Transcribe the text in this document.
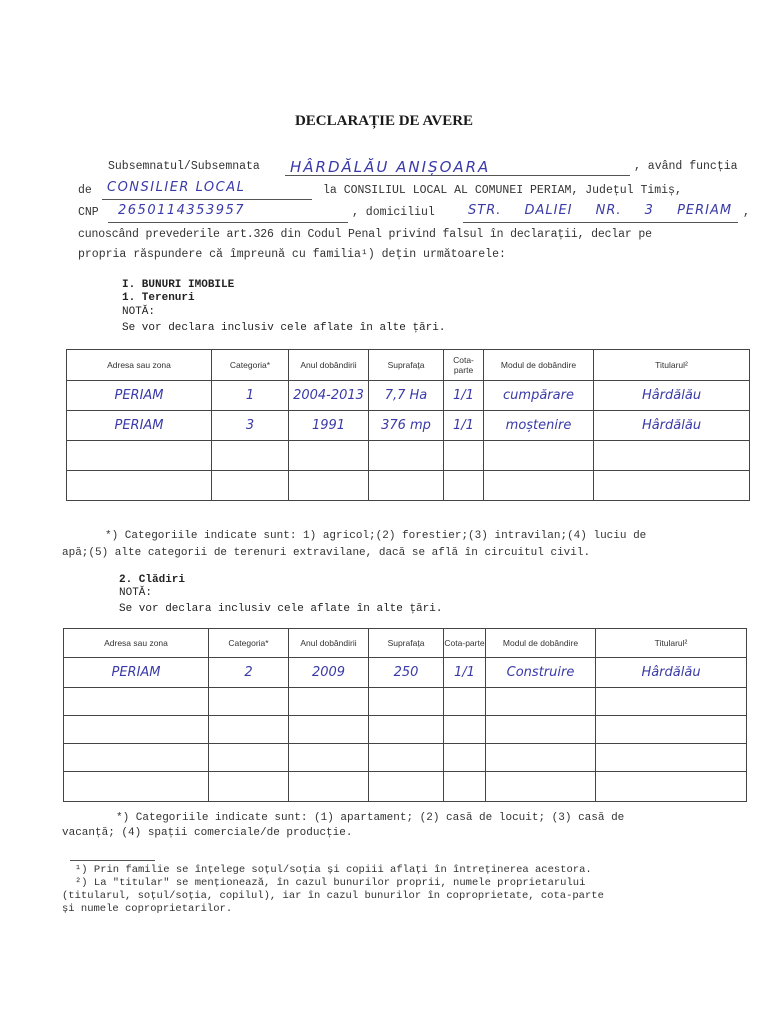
DECLARAȚIE DE AVERE
Subsemnatul/Subsemnata HÂRDĂLĂU ANIȘOARA	, având funcția
de CONSILIER LOCAL	la CONSILIUL LOCAL AL COMUNEI PERIAM, Județul Timiș,
CNP 2650114353957	, domiciliul	STR. DALIEI NR. 3 PERIAM ,
cunoscând prevederile art.326 din Codul Penal privind falsul în declarații, declar pe
propria răspundere că împreună cu familia¹) dețin următoarele:
I. BUNURI IMOBILE
1. Terenuri
NOTĂ:
Se vor declara inclusiv cele aflate în alte țări.
Adresa sau zona	Categoria*	Anul dobândirii	Suprafața	Cota-parte	Modul de dobândire	Titularul²
PERIAM	1	2004-2013	7,7 Ha	1/1	cumpărare	Hârdălău
PERIAM	3	1991	376 mp	1/1	moștenire	Hârdălău

*) Categoriile indicate sunt: 1) agricol;(2) forestier;(3) intravilan;(4) luciu de
apă;(5) alte categorii de terenuri extravilane, dacă se află în circuitul civil.
2. Clădiri
NOTĂ:
Se vor declara inclusiv cele aflate în alte țări.
Adresa sau zona	Categoria*	Anul dobândirii	Suprafața	Cota-parte	Modul de dobândire	Titularul²
PERIAM	2	2009	250	1/1	Construire	Hârdălău

*) Categoriile indicate sunt: (1) apartament; (2) casă de locuit; (3) casă de
vacanță; (4) spații comerciale/de producție.
¹) Prin familie se înțelege soțul/soția și copiii aflați în întreținerea acestora.
²) La "titular" se menționează, în cazul bunurilor proprii, numele proprietarului
(titularul, soțul/soția, copilul), iar în cazul bunurilor în coproprietate, cota-parte
și numele coproprietarilor.
